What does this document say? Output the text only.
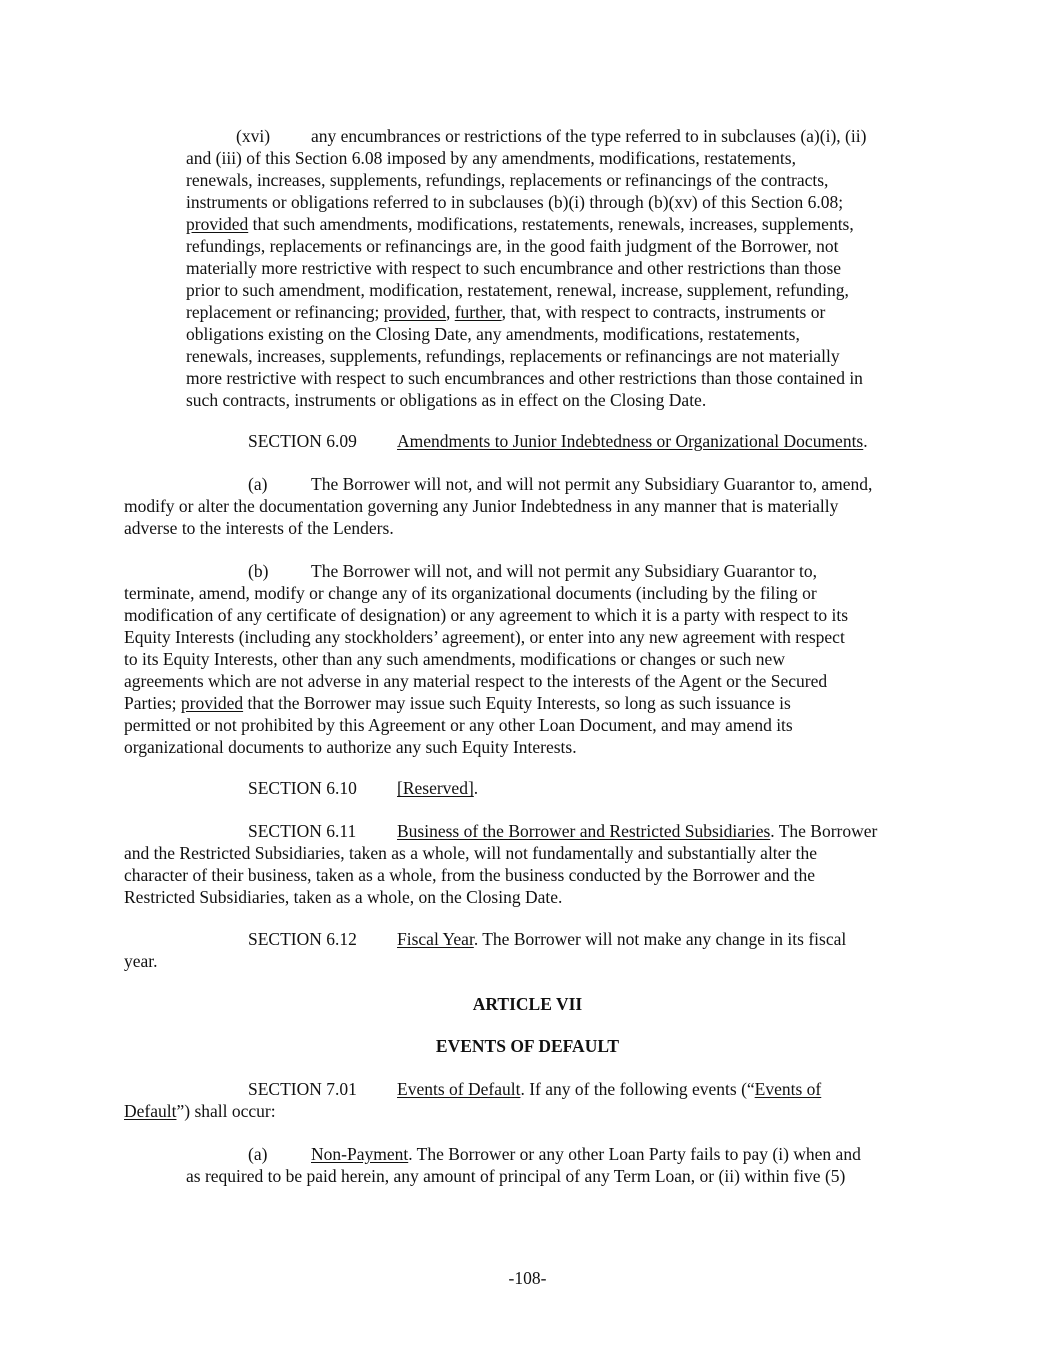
(xvi) any encumbrances or restrictions of the type referred to in subclauses (a)(i), (ii)
and (iii) of this Section 6.08 imposed by any amendments, modifications, restatements,
renewals, increases, supplements, refundings, replacements or refinancings of the contracts,
instruments or obligations referred to in subclauses (b)(i) through (b)(xv) of this Section 6.08;
provided that such amendments, modifications, restatements, renewals, increases, supplements,
refundings, replacements or refinancings are, in the good faith judgment of the Borrower, not
materially more restrictive with respect to such encumbrance and other restrictions than those
prior to such amendment, modification, restatement, renewal, increase, supplement, refunding,
replacement or refinancing; provided, further, that, with respect to contracts, instruments or
obligations existing on the Closing Date, any amendments, modifications, restatements,
renewals, increases, supplements, refundings, replacements or refinancings are not materially
more restrictive with respect to such encumbrances and other restrictions than those contained in
such contracts, instruments or obligations as in effect on the Closing Date.
SECTION 6.09 Amendments to Junior Indebtedness or Organizational Documents.
(a) The Borrower will not, and will not permit any Subsidiary Guarantor to, amend,
modify or alter the documentation governing any Junior Indebtedness in any manner that is materially
adverse to the interests of the Lenders.
(b) The Borrower will not, and will not permit any Subsidiary Guarantor to,
terminate, amend, modify or change any of its organizational documents (including by the filing or
modification of any certificate of designation) or any agreement to which it is a party with respect to its
Equity Interests (including any stockholders’ agreement), or enter into any new agreement with respect
to its Equity Interests, other than any such amendments, modifications or changes or such new
agreements which are not adverse in any material respect to the interests of the Agent or the Secured
Parties; provided that the Borrower may issue such Equity Interests, so long as such issuance is
permitted or not prohibited by this Agreement or any other Loan Document, and may amend its
organizational documents to authorize any such Equity Interests.
SECTION 6.10 [Reserved].
SECTION 6.11 Business of the Borrower and Restricted Subsidiaries. The Borrower
and the Restricted Subsidiaries, taken as a whole, will not fundamentally and substantially alter the
character of their business, taken as a whole, from the business conducted by the Borrower and the
Restricted Subsidiaries, taken as a whole, on the Closing Date.
SECTION 6.12 Fiscal Year. The Borrower will not make any change in its fiscal
year.
ARTICLE VII
EVENTS OF DEFAULT
SECTION 7.01 Events of Default. If any of the following events (“Events of
Default”) shall occur:
(a) Non-Payment. The Borrower or any other Loan Party fails to pay (i) when and
as required to be paid herein, any amount of principal of any Term Loan, or (ii) within five (5)
-108-
